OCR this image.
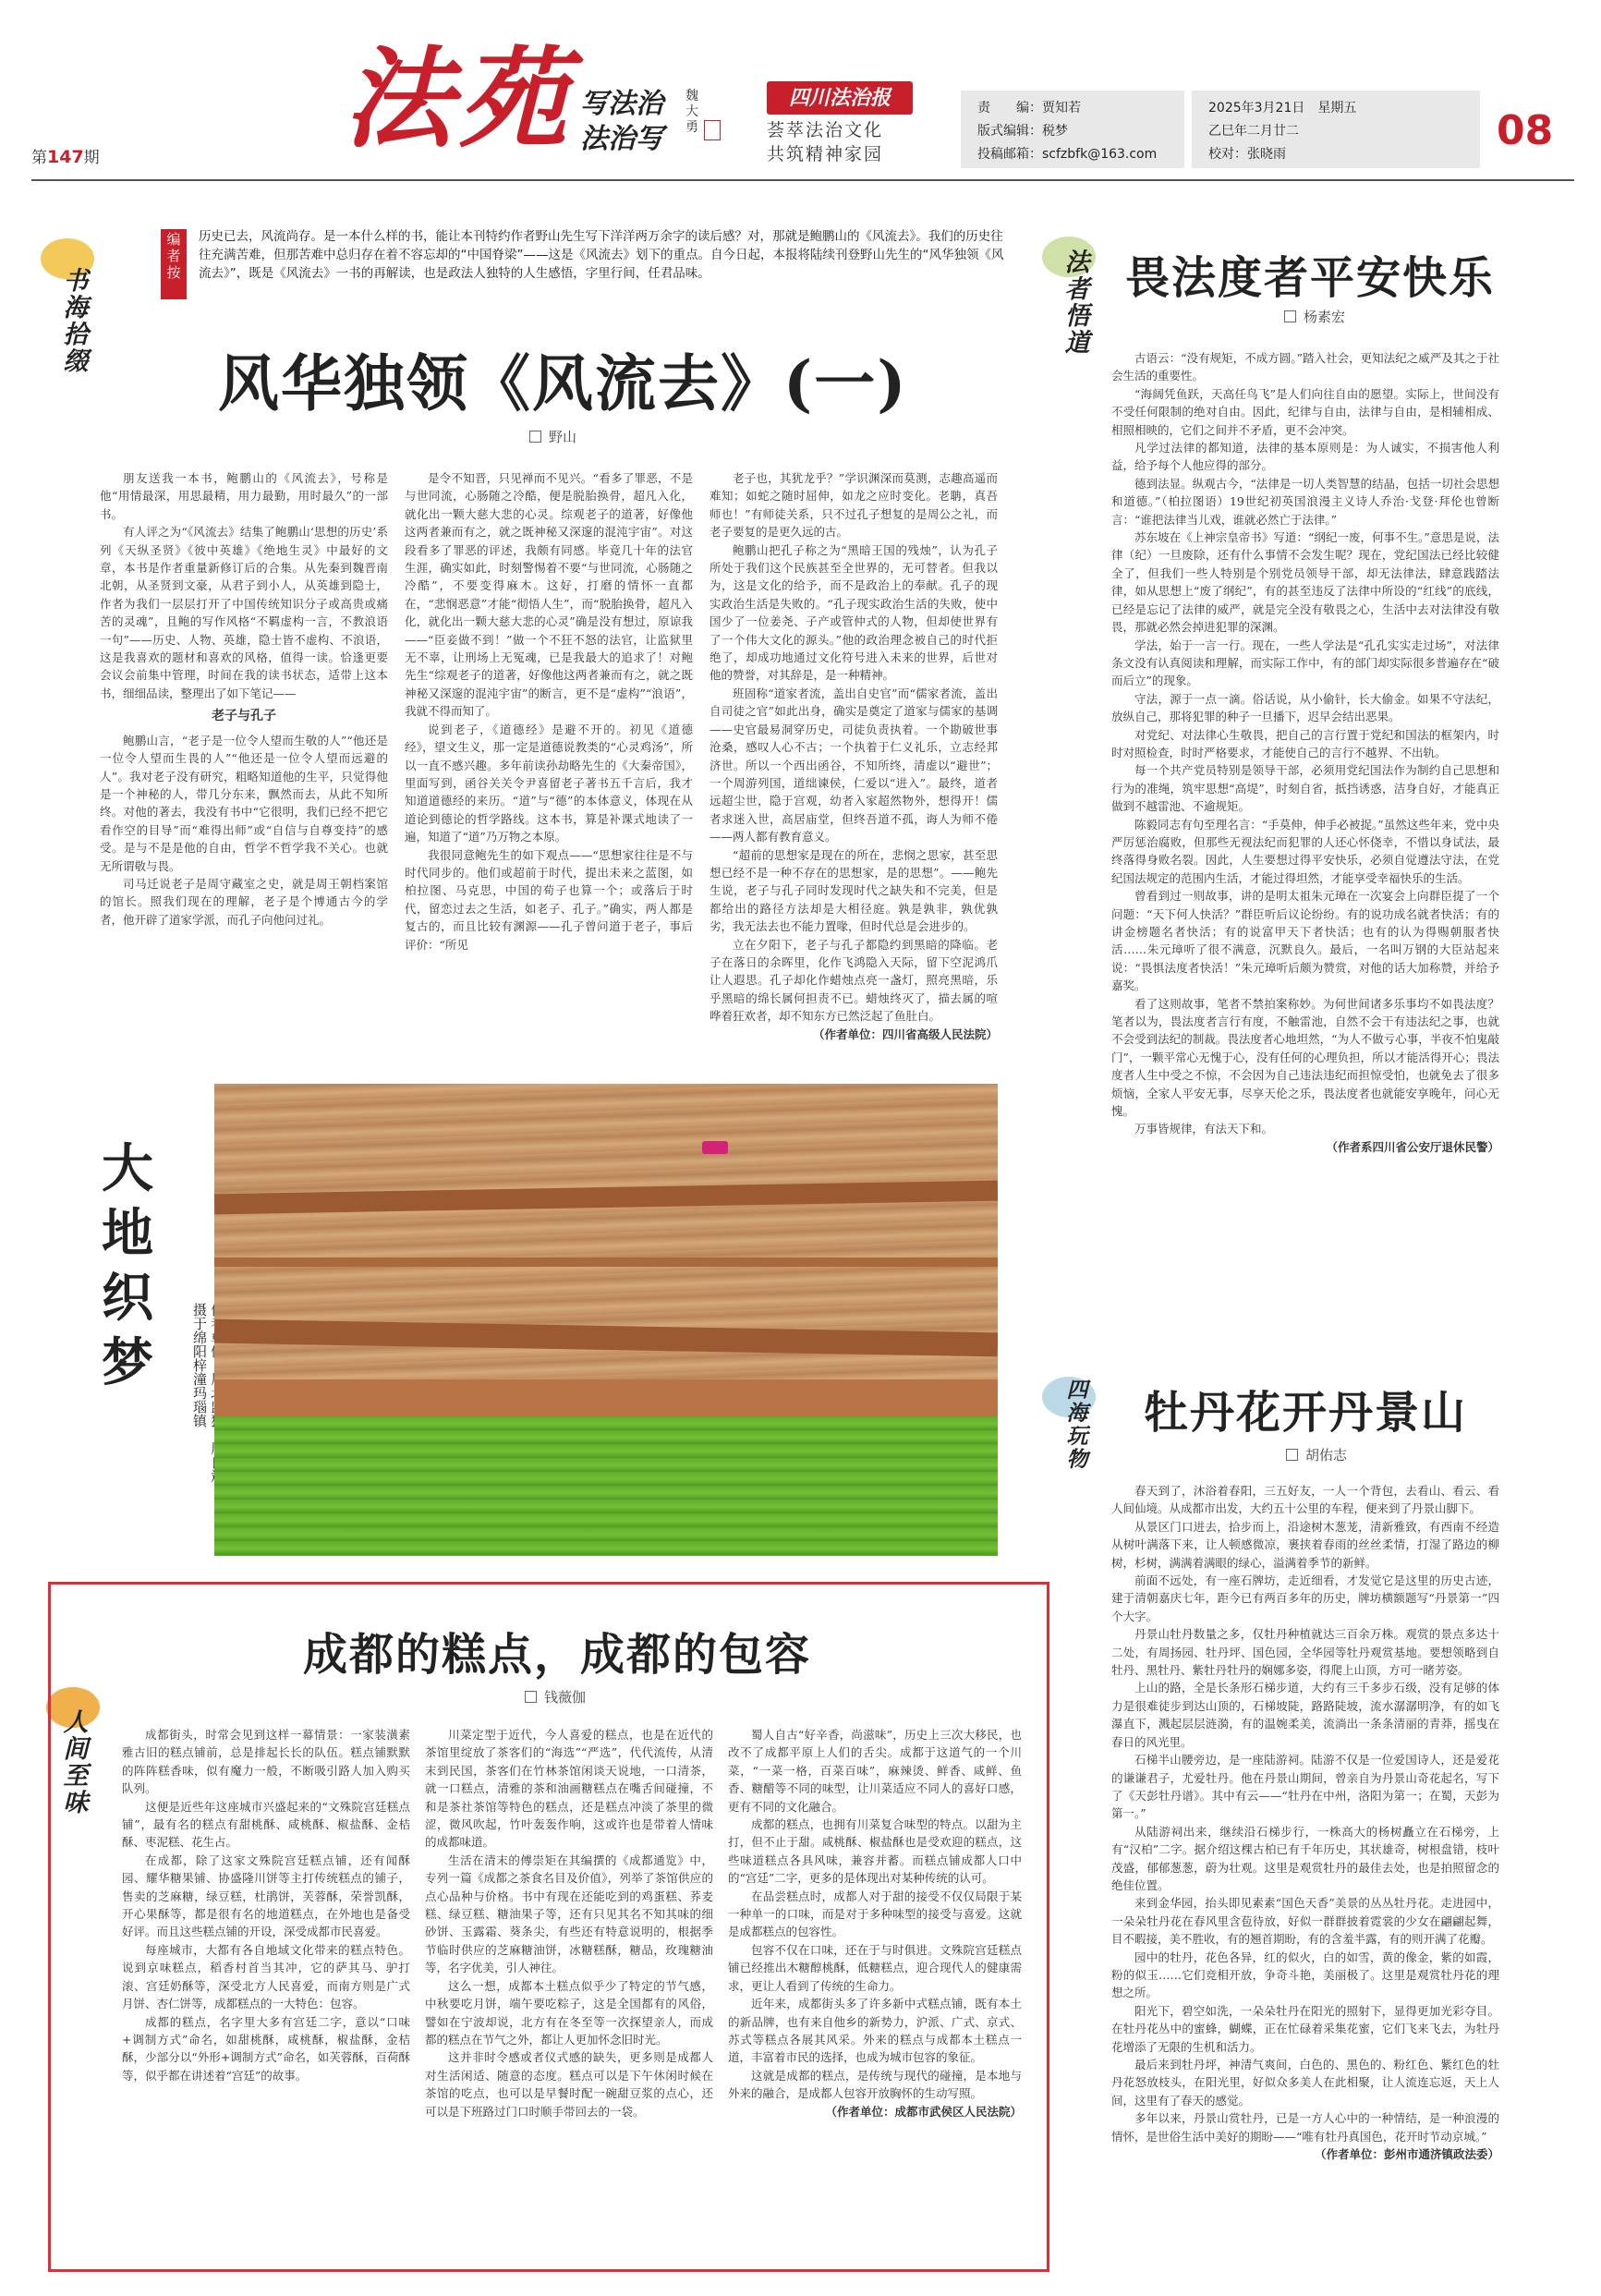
第147期 法苑 写法治 法治写
魏大勇
四川法治报
荟萃法治文化
共筑精神家园
责　　编：贾知若
版式编辑：税梦
投稿邮箱：scfzbfk@163.com
2025年3月21日　星期五
乙巳年二月廿二
校对：张晓雨	08
书海拾缀
法者悟道
四海玩物
人间至味
编者按
历史已去，风流尚存。是一本什么样的书，能让本刊特约作者野山先生写下洋洋两万余字的读后感？对，那就是鲍鹏山的《风流去》。我们的历史往往充满苦难，但那苦难中总归存在着不容忘却的“中国脊梁”——这是《风流去》划下的重点。自今日起，本报将陆续刊登野山先生的“风华独领《风流去》”，既是《风流去》一书的再解读，也是政法人独特的人生感悟，字里行间，任君品味。
风华独领《风流去》(一)
野山

朋友送我一本书，鲍鹏山的《风流去》，号称是他“用情最深，用思最精，用力最勤，用时最久”的一部书。

有人评之为“《风流去》结集了鲍鹏山‘思想的历史’系列《天纵圣贤》《彼中英雄》《绝地生灵》中最好的文章，本书是作者重量新修订后的合集。从先秦到魏晋南北朝，从圣贤到文豪，从君子到小人，从英雄到隐士，作者为我们一层层打开了中国传统知识分子或高贵或痛苦的灵魂”，且鲍的写作风格“不羁虚构一言，不教浪语一句”——历史、人物、英雄，隐士皆不虚构、不浪语，这是我喜欢的题材和喜欢的风格，值得一读。恰逢更要会议会前集中管理，时间在我的读书状态，适带上这本书，细细品读，整理出了如下笔记——

老子与孔子

鲍鹏山言，“老子是一位令人望而生敬的人”“他还是一位令人望而生畏的人”“他还是一位令人望而远避的人”。我对老子没有研究，粗略知道他的生平，只觉得他是一个神秘的人，带几分东来，飘然而去，从此不知所终。对他的著去，我没有书中“它很明，我们已经不把它看作空的目导”而“难得出师”或“自信与自尊变持”的感受。是与不是是他的自由，哲学不哲学我不关心。也就无所谓敬与畏。

司马迁说老子是周守藏室之史，就是周王朝档案馆的馆长。照我们现在的理解，老子是个博通古今的学者，他开辟了道家学派，而孔子向他问过礼。

是令不知晋，只见禅而不见兴。“看多了罪恶，不是与世同流，心肠随之冷酷，便是脱胎换骨，超凡入化，就化出一颗大慈大悲的心灵。综观老子的道著，好像他这两者兼而有之，就之既神秘又深邃的混沌宇宙”。对这段看多了罪恶的评述，我颇有同感。毕竟几十年的法官生涯，确实如此，时刻警惕着不要“与世同流，心肠随之冷酷”，不要变得麻木。这好，打磨的情怀一直都在，“悲悯恶意”才能“彻悟人生”，而“脱胎换骨，超凡入化，就化出一颗大慈大悲的心灵”确是没有想过，原谅我——“臣妾做不到！”做一个不狂不怒的法官，让监狱里无不辜，让刑场上无冤魂，已是我最大的追求了！对鲍先生“综观老子的道著，好像他这两者兼而有之，就之既神秘又深邃的混沌宇宙”的断言，更不是“虚构”“浪语”，我就不得而知了。

说到老子，《道德经》是避不开的。初见《道德经》，望文生义，那一定是道德说教类的“心灵鸡汤”，所以一直不感兴趣。多年前读孙劫略先生的《大秦帝国》，里面写到，函谷关关令尹喜留老子著书五千言后，我才知道道德经的来历。“道”与“德”的本体意义，体现在从道论到德论的哲学路线。这本书，算是补课式地读了一遍，知道了“道”乃万物之本原。

我很同意鲍先生的如下观点——“思想家往往是不与时代同步的。他们或超前于时代，提出未来之蓝图，如柏拉图、马克思，中国的荀子也算一个；或落后于时代，留恋过去之生活，如老子、孔子。”确实，两人都是复古的，而且比较有渊源——孔子曾问道于老子，事后评价：“所见

老子也，其犹龙乎？”学识渊深而莫测，志趣高遥而难知；如蛇之随时屈伸，如龙之应时变化。老聃，真吾师也！”有师徒关系，只不过孔子想复的是周公之礼，而老子要复的是更久远的古。

鲍鹏山把孔子称之为“黑暗王国的残烛”，认为孔子所处于我们这个民族甚至全世界的，无可替者。但我以为，这是文化的给予，而不是政治上的奉献。孔子的现实政治生活是失败的。“孔子现实政治生活的失败，使中国少了一位姜尧、子产或管仲式的人物，但却使世界有了一个伟大文化的源头。”他的政治理念被自己的时代拒绝了，却成功地通过文化符号进入未来的世界，后世对他的赞誉，对其辞是，是一种精神。

班固称“道家者流，盖出自史官”而“儒家者流，盖出自司徒之官”如此出身，确实是奠定了道家与儒家的基调——史官最易洞穿历史，司徒负责执着。一个勘破世事沧桑，感叹人心不古；一个执着于仁义礼乐，立志经邦济世。所以一个西出函谷，不知所终，清虚以“避世”；一个周游列国，道绌谏侯，仁爱以“进入”。最终，道者远超尘世，隐于宫观，幼者入家超然物外，想得开！儒者求迷入世，高居庙堂，但终吾道不孤，诲人为师不倦——两人都有教育意义。

“超前的思想家是现在的所在，悲悯之思家，甚至思想已经不是一种不存在的思想家，是的思想”。——鲍先生说，老子与孔子同时发现时代之缺失和不完美，但是都给出的路径方法却是大相径庭。孰是孰非，孰优孰劣，我无法去也不能力置喙，但时代总是会进步的。

立在夕阳下，老子与孔子都隐约到黑暗的降临。老子在落日的余晖里，化作飞鸿隐入天际，留下空泥鸿爪让人遐思。孔子却化作蜡烛点亮一盏灯，照亮黑暗，乐乎黑暗的绵长属何担责不已。蜡烛终灭了，描去属的喧哗着狂欢者，却不知东方已然泛起了鱼肚白。

（作者单位：四川省高级人民法院）

畏法度者平安快乐
杨素宏

古语云：“没有规矩，不成方圆。”踏入社会，更知法纪之威严及其之于社会生活的重要性。

“海阔凭鱼跃，天高任鸟飞”是人们向往自由的愿望。实际上，世间没有不受任何限制的绝对自由。因此，纪律与自由，法律与自由，是相辅相成、相照相映的，它们之间并不矛盾，更不会冲突。

凡学过法律的都知道，法律的基本原则是：为人诚实，不损害他人利益，给予每个人他应得的部分。

德到法显。纵观古今，“法律是一切人类智慧的结晶，包括一切社会思想和道德。”（柏拉图语）19世纪初英国浪漫主义诗人乔治·戈登·拜伦也曾断言：“谁把法律当儿戏，谁就必然亡于法律。”

苏东坡在《上神宗皇帝书》写道：“纲纪一废，何事不生。”意思是说，法律（纪）一旦废除，还有什么事情不会发生呢？现在，党纪国法已经比较健全了，但我们一些人特别是个别党员领导干部，却无法律法，肆意践踏法律，如从思想上“废了纲纪”，有的甚至违反了法律中所设的“红线”的底线，已经是忘记了法律的威严，就是完全没有敬畏之心，生活中去对法律没有敬畏，那就必然会掉进犯罪的深渊。

学法，始于一言一行。现在，一些人学法是“孔孔实实走过场”，对法律条文没有认真阅读和理解，而实际工作中，有的部门却实际很多普遍存在“破而后立”的现象。

守法，源于一点一滴。俗话说，从小偷针，长大偷金。如果不守法纪，放纵自己，那将犯罪的种子一旦播下，迟早会结出恶果。

对党纪、对法律心生敬畏，把自己的言行置于党纪和国法的框架内，时时对照检查，时时严格要求，才能使自己的言行不越界、不出轨。

每一个共产党员特别是领导干部，必须用党纪国法作为制约自己思想和行为的准绳，筑牢思想“高堤”，时刻自省，抵挡诱惑，洁身自好，才能真正做到不越雷池、不逾规矩。

陈毅同志有句至理名言：“手莫伸，伸手必被捉。”虽然这些年来，党中央严厉惩治腐败，但那些无视法纪而犯罪的人还心怀侥幸，不惜以身试法，最终落得身败名裂。因此，人生要想过得平安快乐，必须自觉遵法守法，在党纪国法规定的范围内生活，才能过得坦然，才能享受幸福快乐的生活。

曾看到过一则故事，讲的是明太祖朱元璋在一次宴会上向群臣提了一个问题：“天下何人快活？”群臣听后议论纷纷。有的说功成名就者快活；有的讲金榜题名者快活；有的说富甲天下者快活；也有的认为得赐朝服者快活……朱元璋听了很不满意，沉默良久。最后，一名叫万钢的大臣站起来说：“畏惧法度者快活！”朱元璋听后颇为赞赏，对他的话大加称赞，并给予嘉奖。

看了这则故事，笔者不禁拍案称妙。为何世间诸多乐事均不如畏法度？笔者以为，畏法度者言行有度，不触雷池，自然不会干有违法纪之事，也就不会受到法纪的制裁。畏法度者心地坦然，“为人不做亏心事，半夜不怕鬼敲门”，一颗平常心无愧于心，没有任何的心理负担，所以才能活得开心；畏法度者人生中受之不惊，不会因为自己违法违纪而担惊受怕，也就免去了很多烦恼，全家人平安无事，尽享天伦之乐，畏法度者也就能安享晚年，问心无愧。

万事皆规律，有法天下和。

（作者系四川省公安厅退休民警）

大地织梦	　　摄于绵阳梓潼玛瑙镇	牡丹花开丹景山
胡佑志

春天到了，沐浴着春阳，三五好友，一人一个背包，去看山、看云、看人间仙境。从成都市出发，大约五十公里的车程，便来到了丹景山脚下。

从景区门口进去，拾步而上，沿途树木葱茏，清新雅致，有西南不经造从树叶满落下来，让人顿感微凉，裹挟着春雨的丝丝柔情，打湿了路边的柳树，杉树，满满着满眼的绿心，溢满着季节的新鲜。

前面不远处，有一座石牌坊，走近细看，才发觉它是这里的历史古迹，建于清朝嘉庆七年，距今已有两百多年的历史，牌坊横额题写“丹景第一”四个大字。

丹景山牡丹数量之多，仅牡丹种植就达三百余万株。观赏的景点多达十二处，有周扬园、牡丹坪、国色园，全华园等牡丹观赏基地。要想领略到自牡丹、黑牡丹、紫牡丹牡丹的娴娜多姿，得爬上山顶，方可一睹芳姿。

上山的路，全是长条形石梯步道，大约有三千多步石级，没有足够的体力是很难徒步到达山顶的，石梯坡陡，路路陡坡，流水潺潺明净，有的如飞瀑直下，溅起层层涟漪，有的温婉柔美，流淌出一条条清丽的青莽，摇曳在春日的风光里。

石梯半山腰旁边，是一座陆游祠。陆游不仅是一位爱国诗人，还是爱花的谦谦君子，尤爱牡丹。他在丹景山期间，曾亲自为丹景山奇花起名，写下了《天彭牡丹谱》。其中有云——“牡丹在中州，洛阳为第一；在蜀，天彭为第一。”

从陆游祠出来，继续沿石梯步行，一株高大的杨树矗立在石梯旁，上有“汉柏”二字。据介绍这棵古柏已有千年历史，其状雄奇，树根盘错，枝叶茂盛，郁郁葱葱，蔚为壮观。这里是观赏牡丹的最佳去处，也是拍照留念的绝佳位置。

来到金华园，抬头即见素素“国色天香”美景的丛丛牡丹花。走进园中，一朵朵牡丹花在春风里含苞待放，好似一群群披着霓裳的少女在翩翩起舞，目不暇接，美不胜收，有的翘首期盼，有的含羞半露，有的则开满了花瓣。

园中的牡丹，花色各异，红的似火，白的如雪，黄的像金，紫的如霞，粉的似玉……它们竞相开放，争奇斗艳，美丽极了。这里是观赏牡丹花的理想之所。

阳光下，碧空如洗，一朵朵牡丹在阳光的照射下，显得更加光彩夺目。在牡丹花丛中的蜜蜂，蝴蝶，正在忙碌着采集花蜜，它们飞来飞去，为牡丹花增添了无限的生机和活力。

最后来到牡丹坪，神清气爽间，白色的、黑色的、粉红色、紫红色的牡丹花怒放枝头，在阳光里，好似众多美人在此相聚，让人流连忘返，天上人间，这里有了春天的感觉。

多年以来，丹景山赏牡丹，已是一方人心中的一种情结，是一种浪漫的情怀，是世俗生活中美好的期盼——“唯有牡丹真国色，花开时节动京城。”

（作者单位：彭州市通济镇政法委）

成都的糕点，成都的包容
钱薇伽

成都街头，时常会见到这样一幕情景：一家装潢素雅古旧的糕点铺前，总是排起长长的队伍。糕点铺默默的阵阵糕香味，似有魔力一般，不断吸引路人加入购买队列。

这便是近些年这座城市兴盛起来的“文殊院宫廷糕点铺”，最有名的糕点有甜桃酥、咸桃酥、椒盐酥、金桔酥、枣泥糕、花生占。

在成都，除了这家文殊院宫廷糕点铺，还有闻酥园、耀华糖果铺、协盛隆川饼等主打传统糕点的铺子，售卖的芝麻糖，绿豆糕，杜鹃饼，芙蓉酥，荣誉凯酥，开心果酥等，都是很有名的地道糕点，在外地也是备受好评。而且这些糕点铺的开设，深受成都市民喜爱。

每座城市，大都有各自地域文化带来的糕点特色。说到京味糕点，稻香村首当其冲，它的萨其马、驴打滚、宫廷奶酥等，深受北方人民喜爱，而南方则是广式月饼、杏仁饼等，成都糕点的一大特色：包容。

成都的糕点，名字里大多有宫廷二字，意以“口味+调制方式”命名，如甜桃酥，咸桃酥，椒盐酥，金桔酥，少部分以“外形+调制方式”命名，如芙蓉酥，百荷酥等，似乎都在讲述着“宫廷”的故事。

川菜定型于近代，今人喜爱的糕点，也是在近代的茶馆里绽放了茶客们的“海选”“严选”，代代流传，从清末到民国，茶客们在竹林茶馆闲谈天说地，一口清茶，就一口糕点，清雅的茶和油画糖糕点在嘴舌间碰撞，不和是茶社茶馆等特色的糕点，还是糕点冲淡了茶里的微涩，微风吹起，竹叶轰轰作响，这或许也是带着人情味的成都味道。

生活在清末的傅崇矩在其编撰的《成都通览》中，专列一篇《成都之茶食名目及价值》，列举了茶馆供应的点心品种与价格。书中有现在还能吃到的鸡蛋糕、荞麦糕、绿豆糕、糖油果子等，还有只见其名不知其味的细砂饼、玉露霜、葵条尖，有些还有特意说明的，根据季节临时供应的芝麻糖油饼，冰糖糕酥，糖品，玫瑰糖油等，名字优美，引人神往。

这么一想，成都本土糕点似乎少了特定的节气感，中秋要吃月饼，端午要吃粽子，这是全国都有的风俗，譬如在宁波却说，北方有在冬至等一次探望亲人，而成都的糕点在节气之外，都让人更加怀念旧时光。

这并非时令感或者仪式感的缺失，更多则是成都人对生活闲适、随意的态度。糕点可以是下午休闲时候在茶馆的吃点，也可以是早餐时配一碗甜豆浆的点心，还可以是下班路过门口时顺手带回去的一袋。

蜀人自古“好辛香，尚滋味”，历史上三次大移民，也改不了成都平原上人们的舌尖。成都于这道气的一个川菜，“一菜一格，百菜百味”，麻辣烫、鲜香、咸鲜、鱼香、糖醋等不同的味型，让川菜适应不同人的喜好口感，更有不同的文化融合。

成都的糕点，也拥有川菜复合味型的特点。以甜为主打，但不止于甜。咸桃酥、椒盐酥也是受欢迎的糕点，这些味道糕点各具风味，兼容并蓄。而糕点铺成都人口中的“宫廷”二字，更多的是体现出对某种传统的认可。

在品尝糕点时，成都人对于甜的接受不仅仅局限于某一种单一的口味，而是对于多种味型的接受与喜爱。这就是成都糕点的包容性。

包容不仅在口味，还在于与时俱进。文殊院宫廷糕点铺已经推出木糖醇桃酥，低糖糕点，迎合现代人的健康需求，更让人看到了传统的生命力。

近年来，成都街头多了许多新中式糕点铺，既有本土的新品牌，也有来自他乡的新势力，沪派、广式、京式、苏式等糕点各展其风采。外来的糕点与成都本土糕点一道，丰富着市民的选择，也成为城市包容的象征。

这就是成都的糕点，是传统与现代的碰撞，是本地与外来的融合，是成都人包容开放胸怀的生动写照。

（作者单位：成都市武侯区人民法院）
